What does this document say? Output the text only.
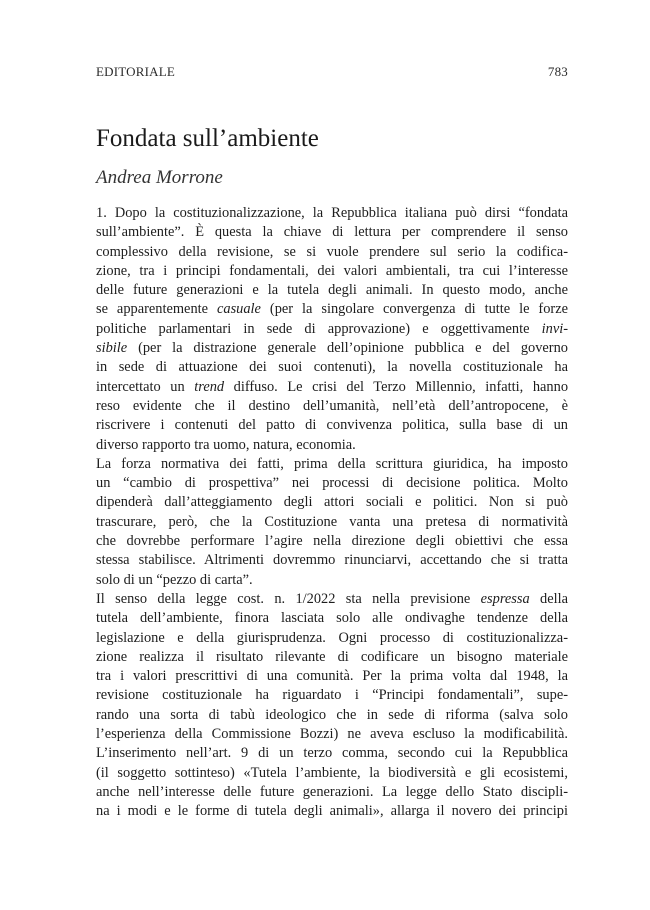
EDITORIALE	783
Fondata sull’ambiente
Andrea Morrone
1. Dopo la costituzionalizzazione, la Repubblica italiana può dirsi “fondata
sull’ambiente”. È questa la chiave di lettura per comprendere il senso
complessivo della revisione, se si vuole prendere sul serio la codifica-
zione, tra i principi fondamentali, dei valori ambientali, tra cui l’interesse
delle future generazioni e la tutela degli animali. In questo modo, anche
se apparentemente casuale (per la singolare convergenza di tutte le forze
politiche parlamentari in sede di approvazione) e oggettivamente invi-
sibile (per la distrazione generale dell’opinione pubblica e del governo
in sede di attuazione dei suoi contenuti), la novella costituzionale ha
intercettato un trend diffuso. Le crisi del Terzo Millennio, infatti, hanno
reso evidente che il destino dell’umanità, nell’età dell’antropocene, è
riscrivere i contenuti del patto di convivenza politica, sulla base di un
diverso rapporto tra uomo, natura, economia.
La forza normativa dei fatti, prima della scrittura giuridica, ha imposto
un “cambio di prospettiva” nei processi di decisione politica. Molto
dipenderà dall’atteggiamento degli attori sociali e politici. Non si può
trascurare, però, che la Costituzione vanta una pretesa di normatività
che dovrebbe performare l’agire nella direzione degli obiettivi che essa
stessa stabilisce. Altrimenti dovremmo rinunciarvi, accettando che si tratta
solo di un “pezzo di carta”.
Il senso della legge cost. n. 1/2022 sta nella previsione espressa della
tutela dell’ambiente, finora lasciata solo alle ondivaghe tendenze della
legislazione e della giurisprudenza. Ogni processo di costituzionalizza-
zione realizza il risultato rilevante di codificare un bisogno materiale
tra i valori prescrittivi di una comunità. Per la prima volta dal 1948, la
revisione costituzionale ha riguardato i “Principi fondamentali”, supe-
rando una sorta di tabù ideologico che in sede di riforma (salva solo
l’esperienza della Commissione Bozzi) ne aveva escluso la modificabilità.
L’inserimento nell’art. 9 di un terzo comma, secondo cui la Repubblica
(il soggetto sottinteso) «Tutela l’ambiente, la biodiversità e gli ecosistemi,
anche nell’interesse delle future generazioni. La legge dello Stato discipli-
na i modi e le forme di tutela degli animali», allarga il novero dei principi
